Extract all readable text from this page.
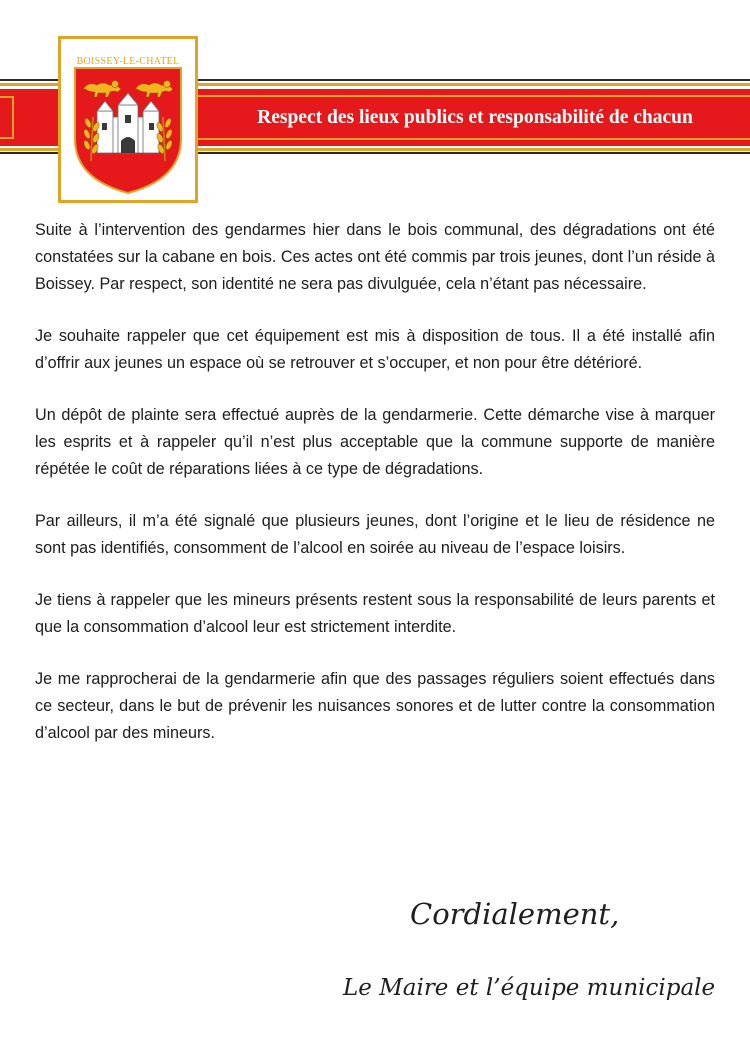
Respect des lieux publics et responsabilité de chacun
BOISSEY-LE-CHATEL

Suite à l’intervention des gendarmes hier dans le bois communal, des dégradations ont été constatées sur la cabane en bois. Ces actes ont été commis par trois jeunes, dont l’un réside à Boissey. Par respect, son identité ne sera pas divulguée, cela n’étant pas nécessaire.

Je souhaite rappeler que cet équipement est mis à disposition de tous. Il a été installé afin d’offrir aux jeunes un espace où se retrouver et s’occuper, et non pour être détérioré.

Un dépôt de plainte sera effectué auprès de la gendarmerie. Cette démarche vise à marquer les esprits et à rappeler qu’il n’est plus acceptable que la commune supporte de manière répétée le coût de réparations liées à ce type de dégradations.

Par ailleurs, il m’a été signalé que plusieurs jeunes, dont l’origine et le lieu de résidence ne sont pas identifiés, consomment de l’alcool en soirée au niveau de l’espace loisirs.

Je tiens à rappeler que les mineurs présents restent sous la responsabilité de leurs parents et que la consommation d’alcool leur est strictement interdite.

Je me rapprocherai de la gendarmerie afin que des passages réguliers soient effectués dans ce secteur, dans le but de prévenir les nuisances sonores et de lutter contre la consommation d’alcool par des mineurs.

Cordialement,
Le Maire et l’équipe municipale
